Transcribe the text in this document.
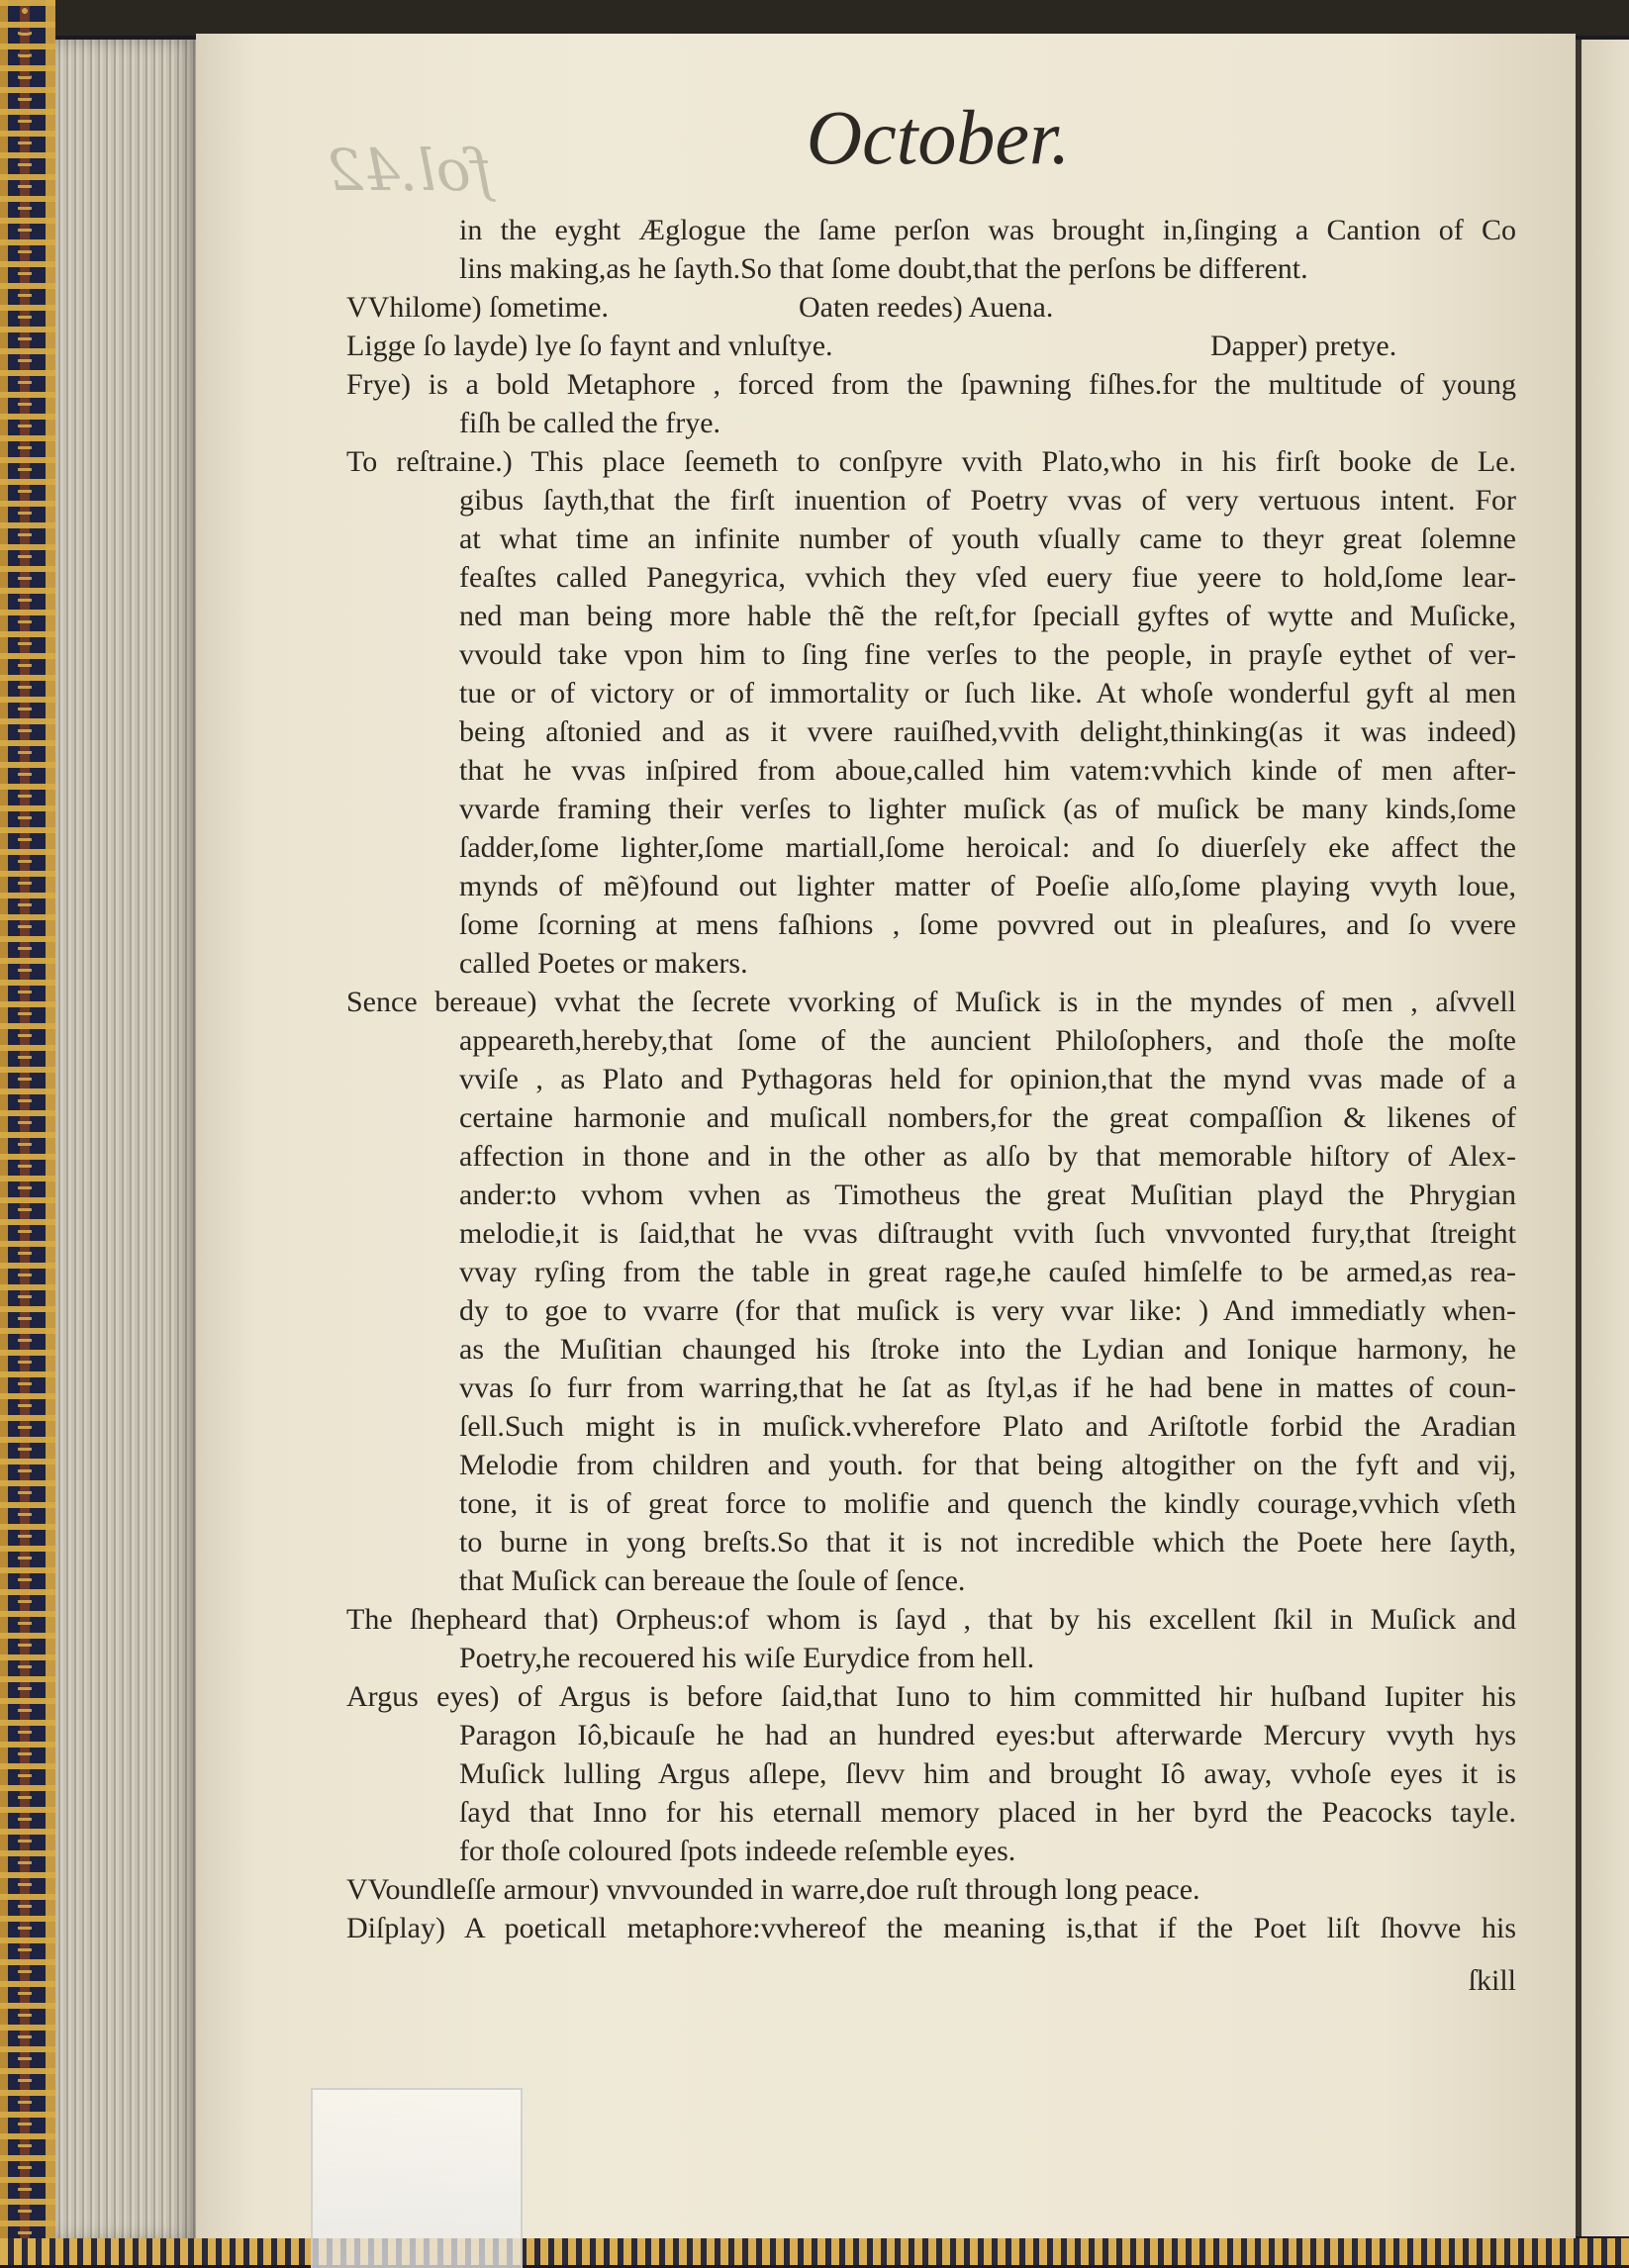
fol.42	October.
in the eyght Æglogue the ſame perſon was brought in,ſinging a Cantion of Co
lins making,as he ſayth.So that ſome doubt,that the perſons be different.
VVhilome) ſometime.	Oaten reedes) Auena.
Ligge ſo layde) lye ſo faynt and vnluſtye.	Dapper) pretye.
Frye) is a bold Metaphore , forced from the ſpawning fiſhes.for the multitude of young
fiſh be called the frye.
To reſtraine.) This place ſeemeth to conſpyre vvith Plato,who in his firſt booke de Le.
gibus ſayth,that the firſt inuention of Poetry vvas of very vertuous intent. For
at what time an infinite number of youth vſually came to theyr great ſolemne
feaſtes called Panegyrica, vvhich they vſed euery fiue yeere to hold,ſome lear-
ned man being more hable thẽ the reſt,for ſpeciall gyftes of wytte and Muſicke,
vvould take vpon him to ſing fine verſes to the people, in prayſe eythet of ver-
tue or of victory or of immortality or ſuch like. At whoſe wonderful gyft al men
being aſtonied and as it vvere rauiſhed,vvith delight,thinking(as it was indeed)
that he vvas inſpired from aboue,called him vatem:vvhich kinde of men after-
vvarde framing their verſes to lighter muſick (as of muſick be many kinds,ſome
ſadder,ſome lighter,ſome martiall,ſome heroical: and ſo diuerſely eke affect the
mynds of mẽ)found out lighter matter of Poeſie alſo,ſome playing vvyth loue,
ſome ſcorning at mens faſhions , ſome povvred out in pleaſures, and ſo vvere
called Poetes or makers.
Sence bereaue) vvhat the ſecrete vvorking of Muſick is in the myndes of men , aſvvell
appeareth,hereby,that ſome of the auncient Philoſophers, and thoſe the moſte
vviſe , as Plato and Pythagoras held for opinion,that the mynd vvas made of a
certaine harmonie and muſicall nombers,for the great compaſſion & likenes of
affection in thone and in the other as alſo by that memorable hiſtory of Alex-
ander:to vvhom vvhen as Timotheus the great Muſitian playd the Phrygian
melodie,it is ſaid,that he vvas diſtraught vvith ſuch vnvvonted fury,that ſtreight
vvay ryſing from the table in great rage,he cauſed himſelfe to be armed,as rea-
dy to goe to vvarre (for that muſick is very vvar like: ) And immediatly when-
as the Muſitian chaunged his ſtroke into the Lydian and Ionique harmony, he
vvas ſo furr from warring,that he ſat as ſtyl,as if he had bene in mattes of coun-
ſell.Such might is in muſick.vvherefore Plato and Ariſtotle forbid the Aradian
Melodie from children and youth. for that being altogither on the fyft and vij,
tone, it is of great force to molifie and quench the kindly courage,vvhich vſeth
to burne in yong breſts.So that it is not incredible which the Poete here ſayth,
that Muſick can bereaue the ſoule of ſence.
The ſhepheard that) Orpheus:of whom is ſayd , that by his excellent ſkil in Muſick and
Poetry,he recouered his wiſe Eurydice from hell.
Argus eyes) of Argus is before ſaid,that Iuno to him committed hir huſband Iupiter his
Paragon Iô,bicauſe he had an hundred eyes:but afterwarde Mercury vvyth hys
Muſick lulling Argus aſlepe, ſlevv him and brought Iô away, vvhoſe eyes it is
ſayd that Inno for his eternall memory placed in her byrd the Peacocks tayle.
for thoſe coloured ſpots indeede reſemble eyes.
VVoundleſſe armour) vnvvounded in warre,doe ruſt through long peace.
Diſplay) A poeticall metaphore:vvhereof the meaning is,that if the Poet liſt ſhovve his
ſkill
